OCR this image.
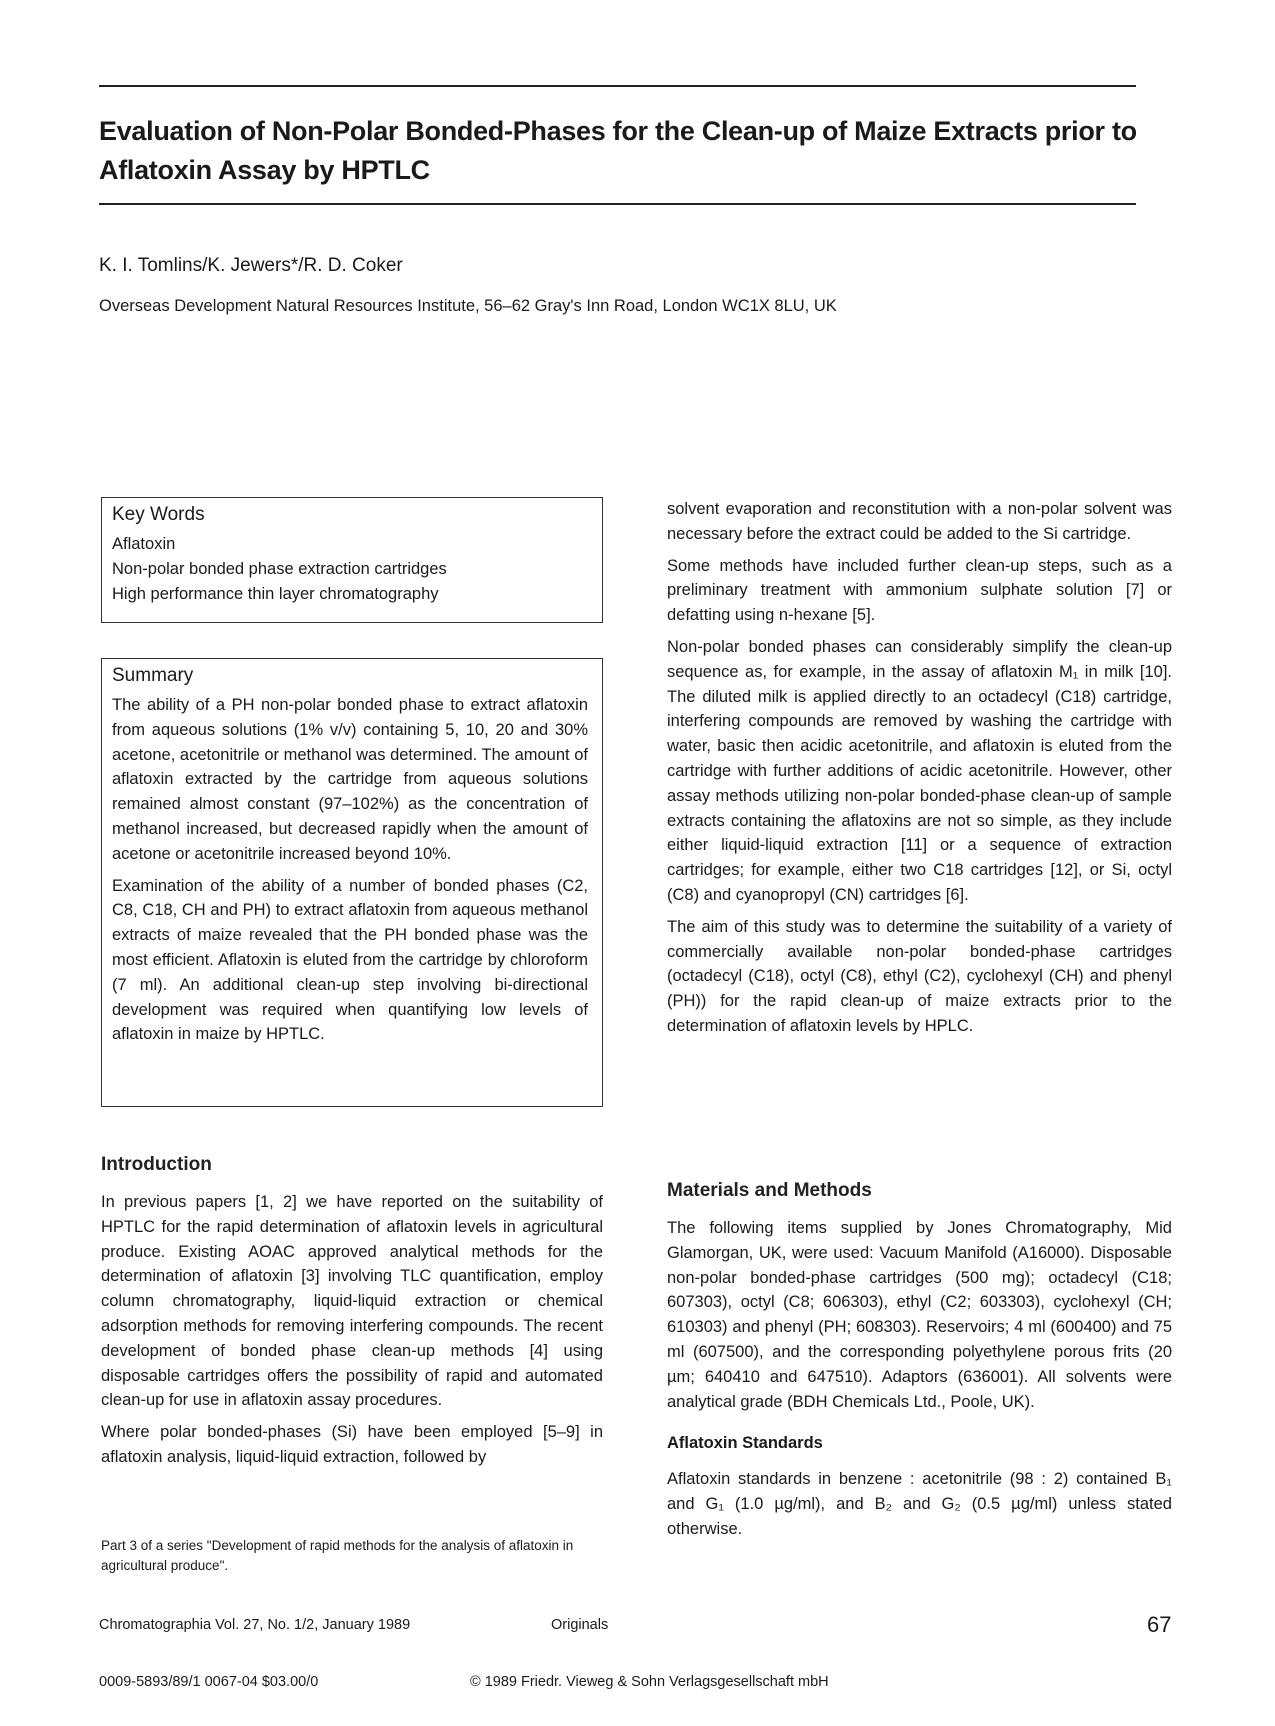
Evaluation of Non-Polar Bonded-Phases for the Clean-up of Maize Extracts prior to Aflatoxin Assay by HPTLC
K. I. Tomlins/K. Jewers*/R. D. Coker
Overseas Development Natural Resources Institute, 56–62 Gray's Inn Road, London WC1X 8LU, UK
Key Words
Aflatoxin
Non-polar bonded phase extraction cartridges
High performance thin layer chromatography
Summary

The ability of a PH non-polar bonded phase to extract aflatoxin from aqueous solutions (1% v/v) containing 5, 10, 20 and 30% acetone, acetonitrile or methanol was determined. The amount of aflatoxin extracted by the cartridge from aqueous solutions remained almost constant (97–102%) as the concentration of methanol increased, but decreased rapidly when the amount of acetone or acetonitrile increased beyond 10%.

Examination of the ability of a number of bonded phases (C2, C8, C18, CH and PH) to extract aflatoxin from aqueous methanol extracts of maize revealed that the PH bonded phase was the most efficient. Aflatoxin is eluted from the cartridge by chloroform (7 ml). An additional clean-up step involving bi-directional development was required when quantifying low levels of aflatoxin in maize by HPTLC.

Introduction

In previous papers [1, 2] we have reported on the suitability of HPTLC for the rapid determination of aflatoxin levels in agricultural produce. Existing AOAC approved analytical methods for the determination of aflatoxin [3] involving TLC quantification, employ column chromatography, liquid-liquid extraction or chemical adsorption methods for removing interfering compounds. The recent development of bonded phase clean-up methods [4] using disposable cartridges offers the possibility of rapid and automated clean-up for use in aflatoxin assay procedures.

Where polar bonded-phases (Si) have been employed [5–9] in aflatoxin analysis, liquid-liquid extraction, followed by

Part 3 of a series "Development of rapid methods for the analysis of aflatoxin in agricultural produce".

solvent evaporation and reconstitution with a non-polar solvent was necessary before the extract could be added to the Si cartridge.

Some methods have included further clean-up steps, such as a preliminary treatment with ammonium sulphate solution [7] or defatting using n-hexane [5].

Non-polar bonded phases can considerably simplify the clean-up sequence as, for example, in the assay of aflatoxin M₁ in milk [10]. The diluted milk is applied directly to an octadecyl (C18) cartridge, interfering compounds are removed by washing the cartridge with water, basic then acidic acetonitrile, and aflatoxin is eluted from the cartridge with further additions of acidic acetonitrile. However, other assay methods utilizing non-polar bonded-phase clean-up of sample extracts containing the aflatoxins are not so simple, as they include either liquid-liquid extraction [11] or a sequence of extraction cartridges; for example, either two C18 cartridges [12], or Si, octyl (C8) and cyanopropyl (CN) cartridges [6].

The aim of this study was to determine the suitability of a variety of commercially available non-polar bonded-phase cartridges (octadecyl (C18), octyl (C8), ethyl (C2), cyclohexyl (CH) and phenyl (PH)) for the rapid clean-up of maize extracts prior to the determination of aflatoxin levels by HPLC.

Materials and Methods

The following items supplied by Jones Chromatography, Mid Glamorgan, UK, were used: Vacuum Manifold (A16000). Disposable non-polar bonded-phase cartridges (500 mg); octadecyl (C18; 607303), octyl (C8; 606303), ethyl (C2; 603303), cyclohexyl (CH; 610303) and phenyl (PH; 608303). Reservoirs; 4 ml (600400) and 75 ml (607500), and the corresponding polyethylene porous frits (20 µm; 640410 and 647510). Adaptors (636001). All solvents were analytical grade (BDH Chemicals Ltd., Poole, UK).

Aflatoxin Standards

Aflatoxin standards in benzene : acetonitrile (98 : 2) contained B₁ and G₁ (1.0 µg/ml), and B₂ and G₂ (0.5 µg/ml) unless stated otherwise.

Chromatographia Vol. 27, No. 1/2, January 1989	Originals	67
0009-5893/89/1 0067-04 $03.00/0	© 1989 Friedr. Vieweg & Sohn Verlagsgesellschaft mbH
